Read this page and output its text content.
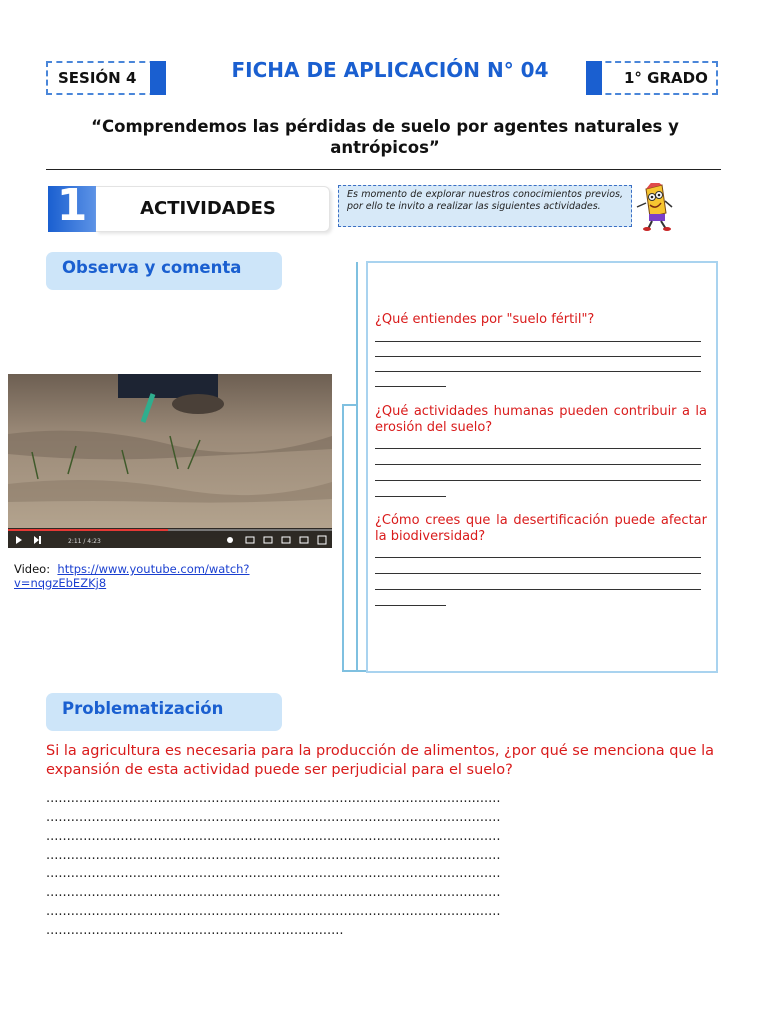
SESIÓN 4	FICHA DE APLICACIÓN N° 04	1° GRADO
“Comprendemos las pérdidas de suelo por agentes naturales y antrópicos”
1	ACTIVIDADES
Es momento de explorar nuestros conocimientos previos, por ello te invito a realizar las siguientes actividades.
Observa y comenta
2:11 / 4:23
Video: https://www.youtube.com/watch?
v=nqgzEbEZKj8
¿Qué entiendes por "suelo fértil"?
¿Qué actividades humanas pueden contribuir a la erosión del suelo?
¿Cómo crees que la desertificación puede afectar la biodiversidad?
Problematización
Si la agricultura es necesaria para la producción de alimentos, ¿por qué se menciona que la expansión de esta actividad puede ser perjudicial para el suelo?
..............................................................................................................
..............................................................................................................
..............................................................................................................
..............................................................................................................
..............................................................................................................
..............................................................................................................
..............................................................................................................
........................................................................
